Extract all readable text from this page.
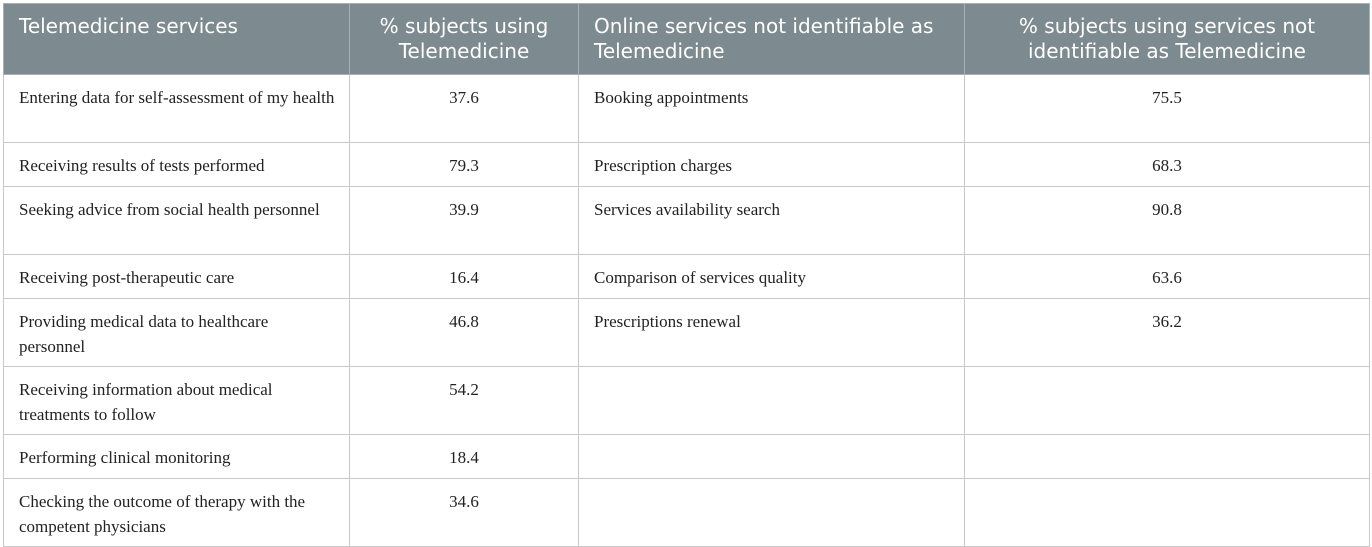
Telemedicine services	% subjects using Telemedicine	Online services not identifiable as Telemedicine	% subjects using services not identifiable as Telemedicine
Entering data for self-assessment of my health	37.6	Booking appointments	75.5
Receiving results of tests performed	79.3	Prescription charges	68.3
Seeking advice from social health personnel	39.9	Services availability search	90.8
Receiving post-therapeutic care	16.4	Comparison of services quality	63.6
Providing medical data to healthcare personnel	46.8	Prescriptions renewal	36.2
Receiving information about medical treatments to follow	54.2		
Performing clinical monitoring	18.4		
Checking the outcome of therapy with the competent physicians	34.6		
